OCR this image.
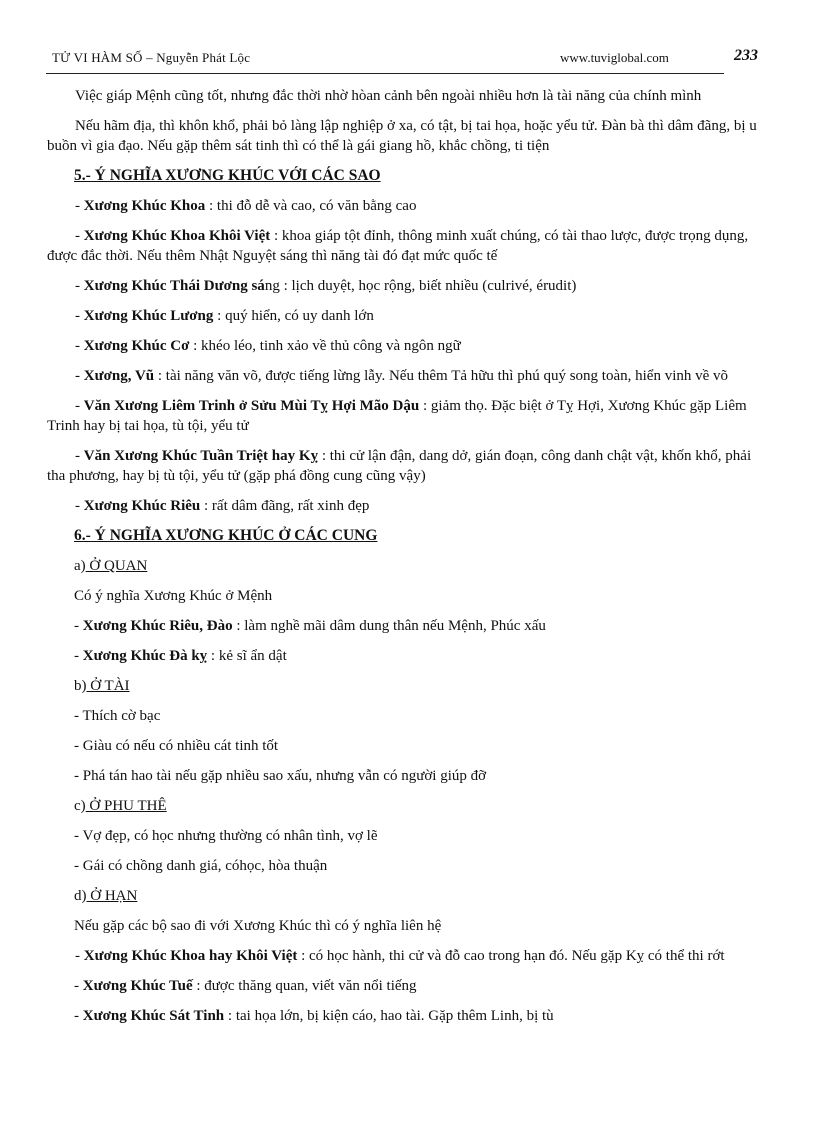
TỬ VI HÀM SỐ – Nguyễn Phát Lộc	www.tuviglobal.com	233

Việc giáp Mệnh cũng tốt, nhưng đắc thời nhờ hòan cảnh bên ngoài nhiều hơn là tài năng của chính mình

Nếu hãm địa, thì khôn khổ, phải bỏ làng lập nghiệp ở xa, có tật, bị tai họa, hoặc yểu tử. Đàn bà thì dâm đãng, bị u buồn vì gia đạo. Nếu gặp thêm sát tinh thì có thể là gái giang hồ, khắc chồng, ti tiện

5.- Ý NGHĨA XƯƠNG KHÚC VỚI CÁC SAO

- Xương Khúc Khoa : thi đỗ dễ và cao, có văn bằng cao

- Xương Khúc Khoa Khôi Việt : khoa giáp tột đỉnh, thông minh xuất chúng, có tài thao lược, được trọng dụng, được đắc thời. Nếu thêm Nhật Nguyệt sáng thì năng tài đó đạt mức quốc tế

- Xương Khúc Thái Dương sáng : lịch duyệt, học rộng, biết nhiều (culrivé, érudit)

- Xương Khúc Lương : quý hiển, có uy danh lớn

- Xương Khúc Cơ : khéo léo, tinh xảo về thủ công và ngôn ngữ

- Xương, Vũ : tài năng văn võ, được tiếng lừng lẫy. Nếu thêm Tả hữu thì phú quý song toàn, hiển vinh về võ

- Văn Xương Liêm Trinh ở Sửu Mùi Tỵ Hợi Mão Dậu : giảm thọ. Đặc biệt ở Tỵ Hợi, Xương Khúc gặp Liêm Trinh hay bị tai họa, tù tội, yểu tử

- Văn Xương Khúc Tuần Triệt hay Kỵ : thi cử lận đận, dang dở, gián đoạn, công danh chật vật, khốn khổ, phải tha phương, hay bị tù tội, yểu tử (gặp phá đồng cung cũng vậy)

- Xương Khúc Riêu : rất dâm đãng, rất xinh đẹp

6.- Ý NGHĨA XƯƠNG KHÚC Ở CÁC CUNG

a) Ở QUAN

Có ý nghĩa Xương Khúc ở Mệnh

- Xương Khúc Riêu, Đào : làm nghề mãi dâm dung thân nếu Mệnh, Phúc xấu

- Xương Khúc Đà kỵ : kẻ sĩ ẩn dật

b) Ở TÀI

- Thích cờ bạc

- Giàu có nếu có nhiều cát tinh tốt

- Phá tán hao tài nếu gặp nhiều sao xấu, nhưng vẫn có người giúp đỡ

c) Ở PHU THÊ

- Vợ đẹp, có học nhưng thường có nhân tình, vợ lẽ

- Gái có chồng danh giá, cóhọc, hòa thuận

d) Ở HẠN

Nếu gặp các bộ sao đi với Xương Khúc thì có ý nghĩa liên hệ

- Xương Khúc Khoa hay Khôi Việt : có học hành, thi cử và đỗ cao trong hạn đó. Nếu gặp Kỵ có thể thi rớt

- Xương Khúc Tuế : được thăng quan, viết văn nổi tiếng

- Xương Khúc Sát Tinh : tai họa lớn, bị kiện cáo, hao tài. Gặp thêm Linh, bị tù
